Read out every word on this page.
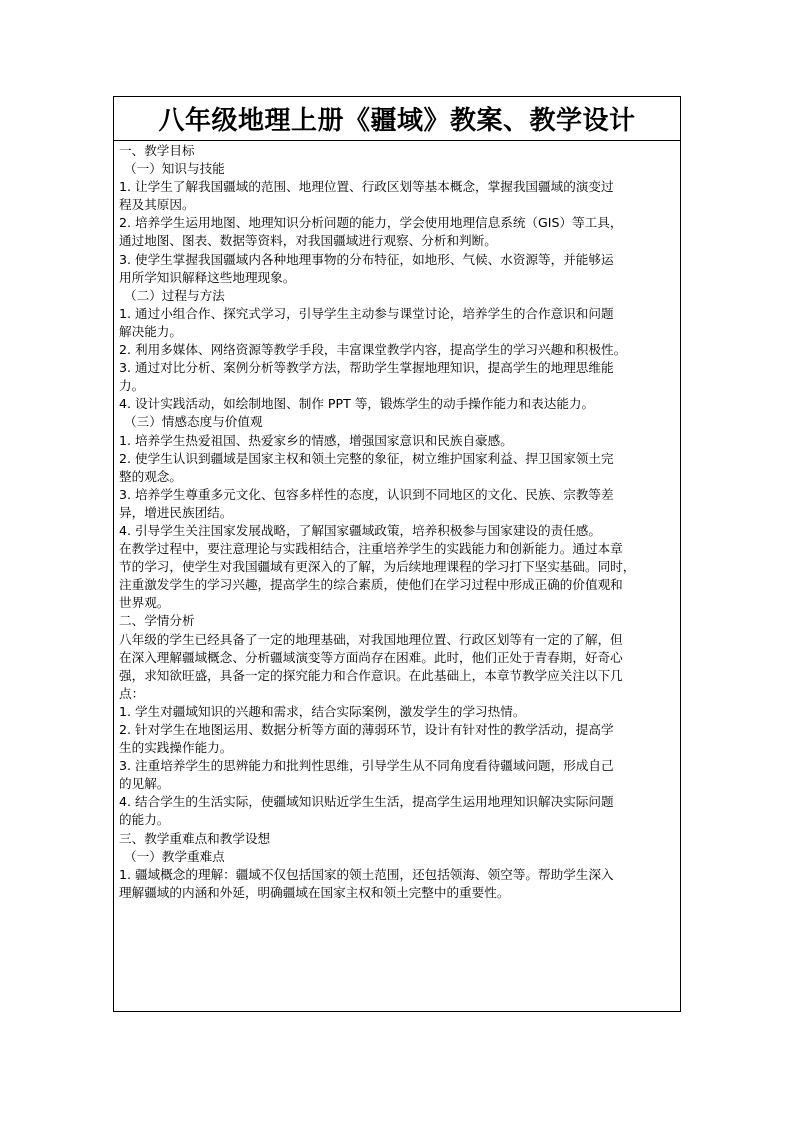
八年级地理上册《疆域》教案、教学设计
一、教学目标
（一）知识与技能
1. 让学生了解我国疆域的范围、地理位置、行政区划等基本概念，掌握我国疆域的演变过
程及其原因。
2. 培养学生运用地图、地理知识分析问题的能力，学会使用地理信息系统（GIS）等工具，
通过地图、图表、数据等资料，对我国疆域进行观察、分析和判断。
3. 使学生掌握我国疆域内各种地理事物的分布特征，如地形、气候、水资源等，并能够运
用所学知识解释这些地理现象。
（二）过程与方法
1. 通过小组合作、探究式学习，引导学生主动参与课堂讨论，培养学生的合作意识和问题
解决能力。
2. 利用多媒体、网络资源等教学手段，丰富课堂教学内容，提高学生的学习兴趣和积极性。
3. 通过对比分析、案例分析等教学方法，帮助学生掌握地理知识，提高学生的地理思维能
力。
4. 设计实践活动，如绘制地图、制作 PPT 等，锻炼学生的动手操作能力和表达能力。
（三）情感态度与价值观
1. 培养学生热爱祖国、热爱家乡的情感，增强国家意识和民族自豪感。
2. 使学生认识到疆域是国家主权和领土完整的象征，树立维护国家利益、捍卫国家领土完
整的观念。
3. 培养学生尊重多元文化、包容多样性的态度，认识到不同地区的文化、民族、宗教等差
异，增进民族团结。
4. 引导学生关注国家发展战略，了解国家疆域政策，培养积极参与国家建设的责任感。
在教学过程中，要注意理论与实践相结合，注重培养学生的实践能力和创新能力。通过本章
节的学习，使学生对我国疆域有更深入的了解，为后续地理课程的学习打下坚实基础。同时，
注重激发学生的学习兴趣，提高学生的综合素质，使他们在学习过程中形成正确的价值观和
世界观。
二、学情分析
八年级的学生已经具备了一定的地理基础，对我国地理位置、行政区划等有一定的了解，但
在深入理解疆域概念、分析疆域演变等方面尚存在困难。此时，他们正处于青春期，好奇心
强，求知欲旺盛，具备一定的探究能力和合作意识。在此基础上，本章节教学应关注以下几
点：
1. 学生对疆域知识的兴趣和需求，结合实际案例，激发学生的学习热情。
2. 针对学生在地图运用、数据分析等方面的薄弱环节，设计有针对性的教学活动，提高学
生的实践操作能力。
3. 注重培养学生的思辨能力和批判性思维，引导学生从不同角度看待疆域问题，形成自己
的见解。
4. 结合学生的生活实际，使疆域知识贴近学生生活，提高学生运用地理知识解决实际问题
的能力。
三、教学重难点和教学设想
（一）教学重难点
1. 疆域概念的理解：疆域不仅包括国家的领土范围，还包括领海、领空等。帮助学生深入
理解疆域的内涵和外延，明确疆域在国家主权和领土完整中的重要性。
